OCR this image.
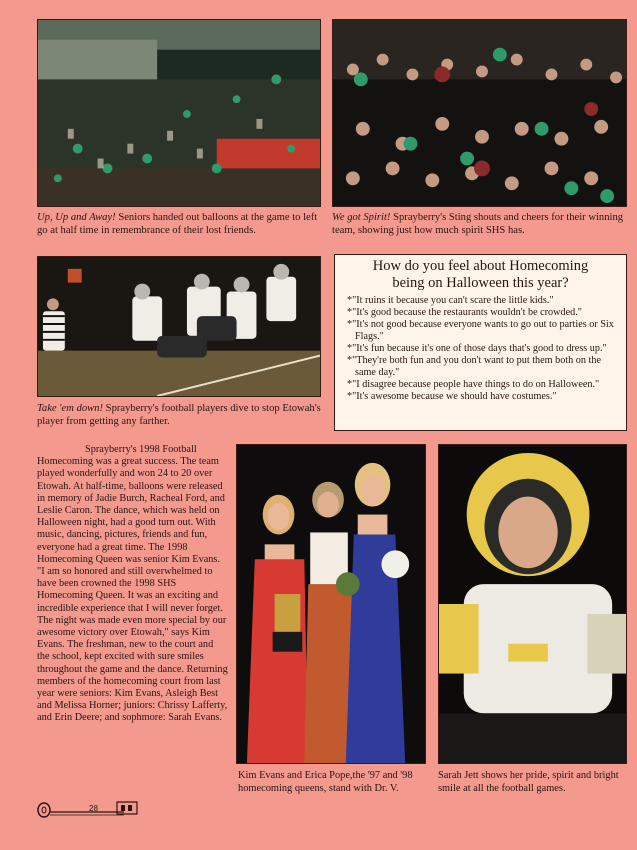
Up, Up and Away! Seniors handed out balloons at the game to left go at half time in remembrance of their lost friends.
We got Spirit! Sprayberry's Sting shouts and cheers for their winning team, showing just how much spirit SHS has.
Take 'em down! Sprayberry's football players dive to stop Etowah's player from getting any farther.
How do you feel about Homecoming being on Halloween this year?
*"It ruins it because you can't scare the little kids."
*"It's good because the restaurants wouldn't be crowded."
*"It's not good because everyone wants to go out to parties or Six Flags."
*"It's fun because it's one of those days that's good to dress up."
*"They're both fun and you don't want to put them both on the same day."
*"I disagree because people have things to do on Halloween."
*"It's awesome because we should have costumes."

Sprayberry's 1998 Football Homecoming was a great success. The team played wonderfully and won 24 to 20 over Etowah. At half-time, balloons were released in memory of Jadie Burch, Racheal Ford, and Leslie Caron. The dance, which was held on Halloween night, had a good turn out. With music, dancing, pictures, friends and fun, everyone had a great time. The 1998 Homecoming Queen was senior Kim Evans. "I am so honored and still overwhelmed to have been crowned the 1998 SHS Homecoming Queen. It was an exciting and incredible experience that I will never forget. The night was made even more special by our awesome victory over Etowah," says Kim Evans. The freshman, new to the court and the school, kept excited with sure smiles throughout the game and the dance. Returning members of the homecoming court from last year were seniors: Kim Evans, Asleigh Best and Melissa Horner; juniors: Chrissy Lafferty, and Erin Deere; and sophmore: Sarah Evans.

Kim Evans and Erica Pope,the '97 and '98 homecoming queens, stand with Dr. V.
Sarah Jett shows her pride, spirit and bright smile at all the football games.
28
